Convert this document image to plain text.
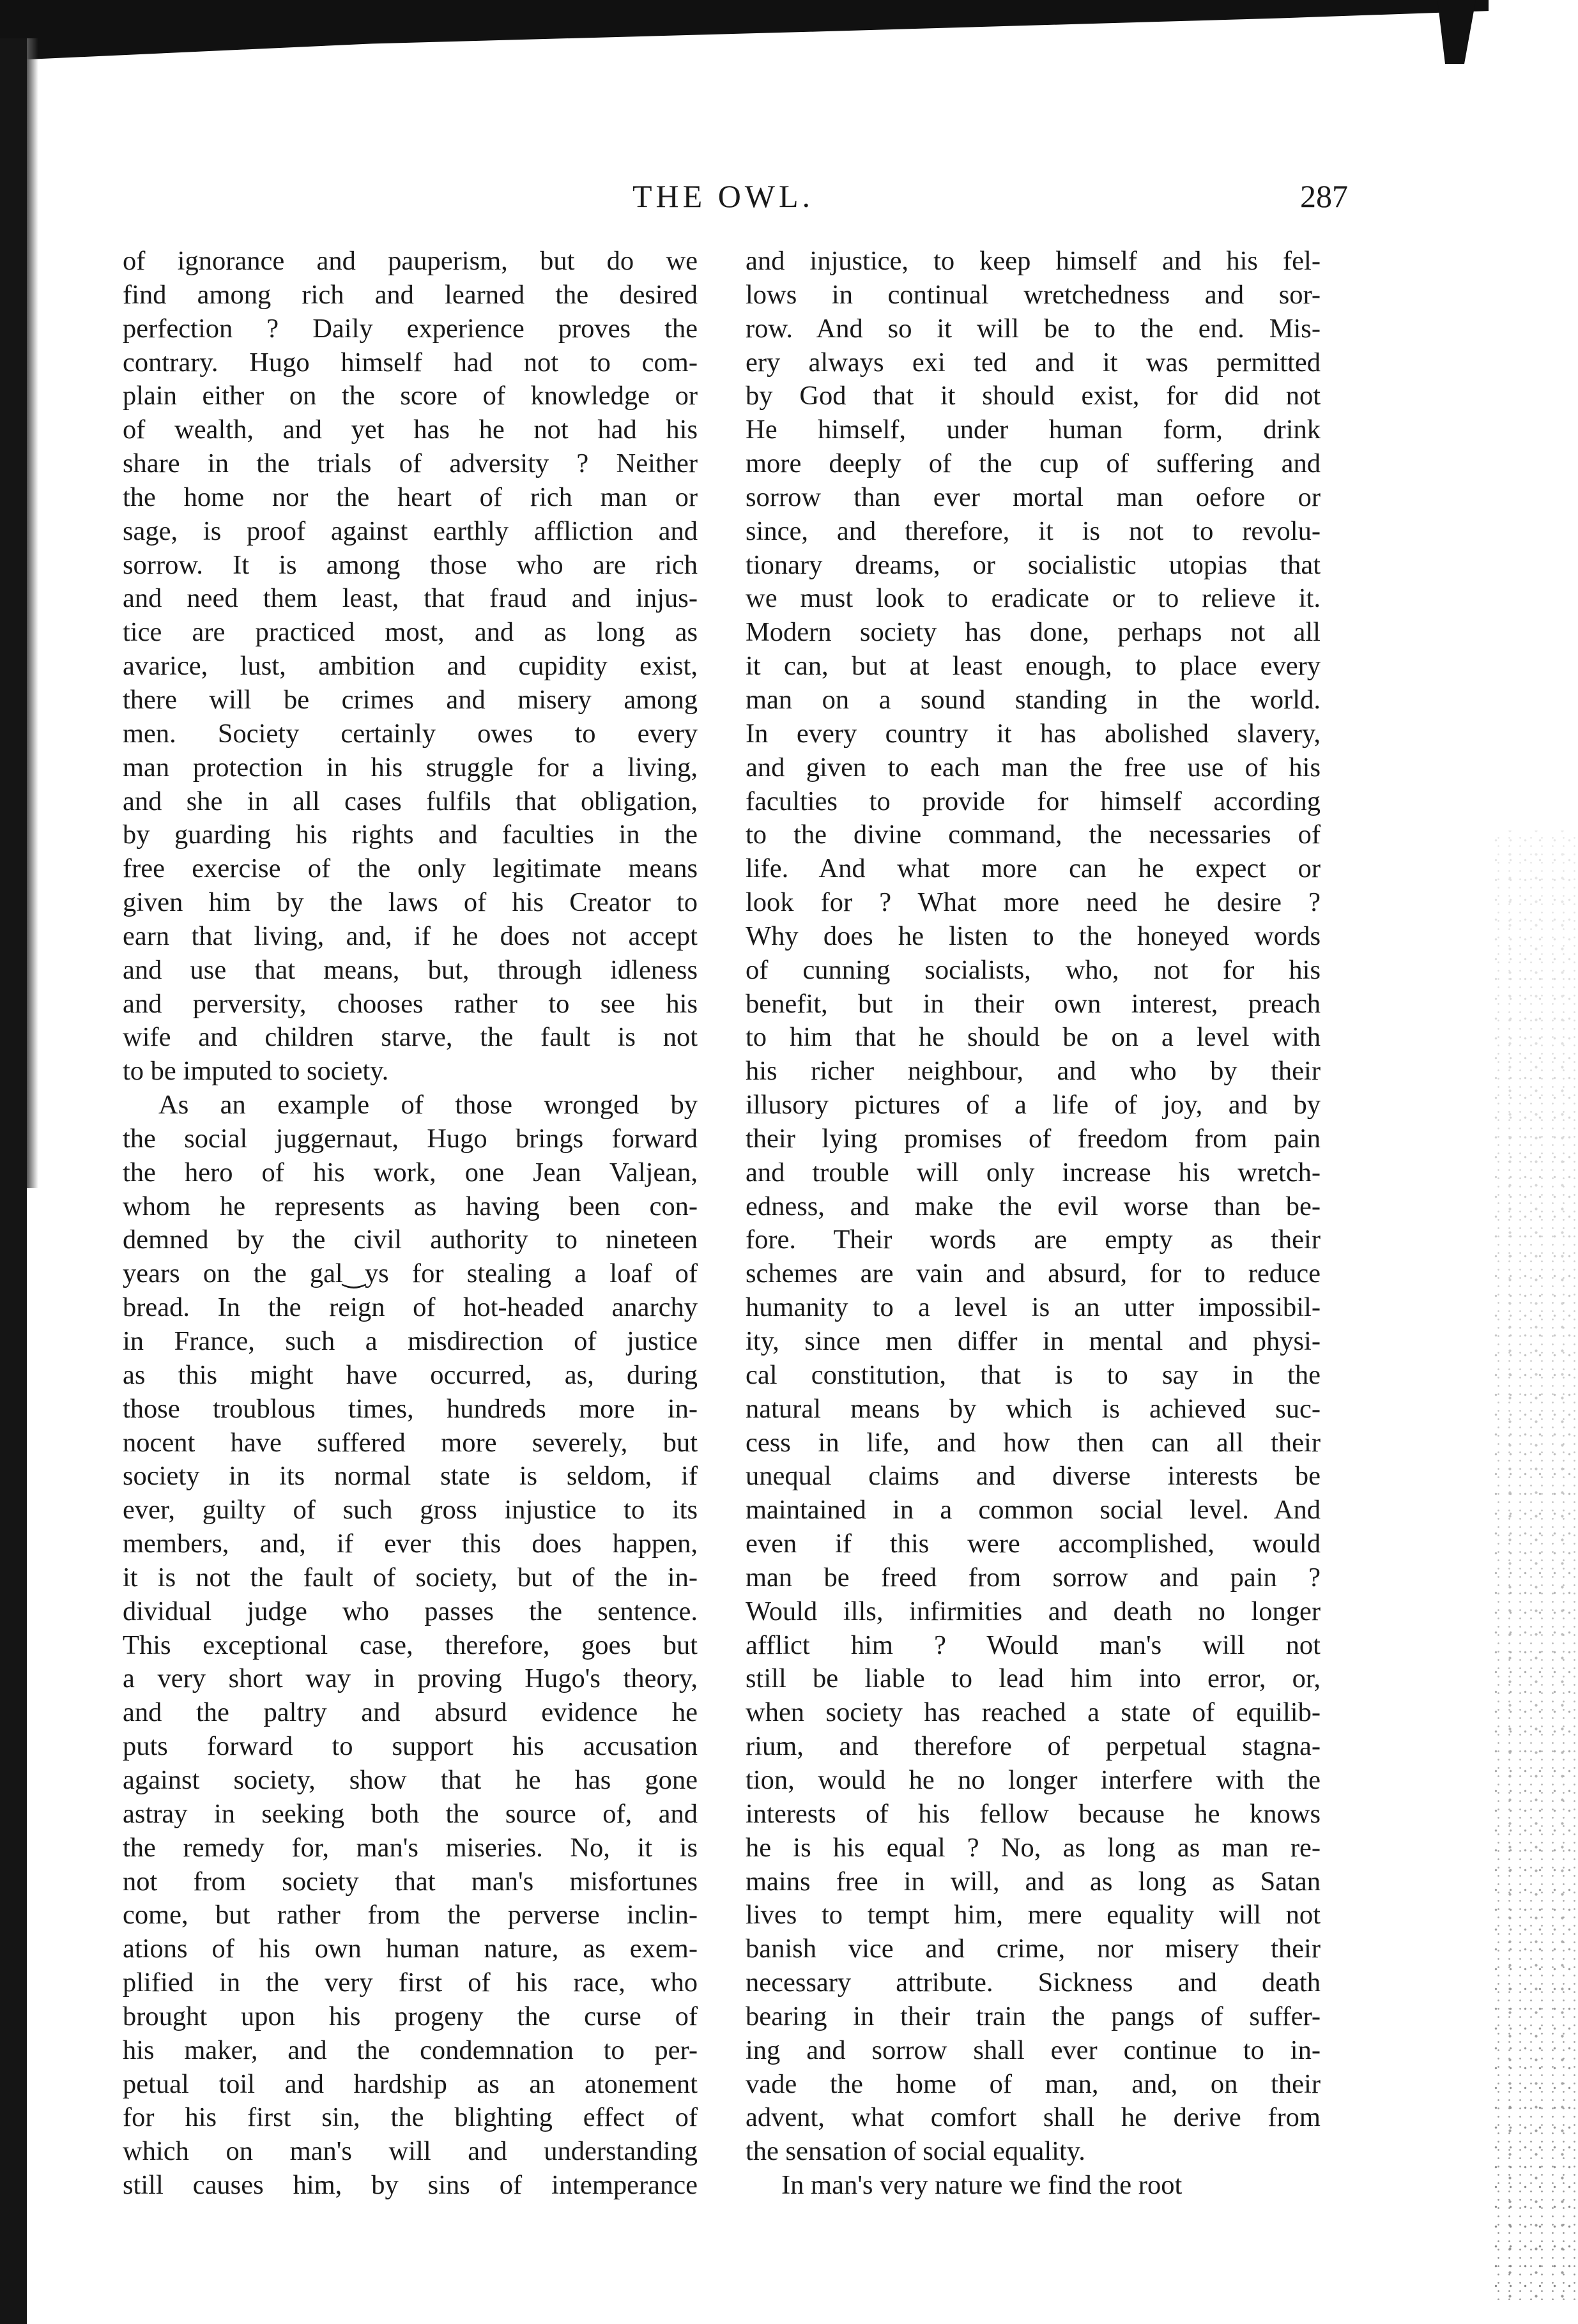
THE OWL.	287
of ignorance and pauperism, but do we
find among rich and learned the desired
perfection ? Daily experience proves the
contrary. Hugo himself had not to com-
plain either on the score of knowledge or
of wealth, and yet has he not had his
share in the trials of adversity ? Neither
the home nor the heart of rich man or
sage, is proof against earthly affliction and
sorrow. It is among those who are rich
and need them least, that fraud and injus-
tice are practiced most, and as long as
avarice, lust, ambition and cupidity exist,
there will be crimes and misery among
men. Society certainly owes to every
man protection in his struggle for a living,
and she in all cases fulfils that obligation,
by guarding his rights and faculties in the
free exercise of the only legitimate means
given him by the laws of his Creator to
earn that living, and, if he does not accept
and use that means, but, through idleness
and perversity, chooses rather to see his
wife and children starve, the fault is not
to be imputed to society.
As an example of those wronged by
the social juggernaut, Hugo brings forward
the hero of his work, one Jean Valjean,
whom he represents as having been con-
demned by the civil authority to nineteen
years on the gal‿ys for stealing a loaf of
bread. In the reign of hot-headed anarchy
in France, such a misdirection of justice
as this might have occurred, as, during
those troublous times, hundreds more in-
nocent have suffered more severely, but
society in its normal state is seldom, if
ever, guilty of such gross injustice to its
members, and, if ever this does happen,
it is not the fault of society, but of the in-
dividual judge who passes the sentence.
This exceptional case, therefore, goes but
a very short way in proving Hugo's theory,
and the paltry and absurd evidence he
puts forward to support his accusation
against society, show that he has gone
astray in seeking both the source of, and
the remedy for, man's miseries. No, it is
not from society that man's misfortunes
come, but rather from the perverse inclin-
ations of his own human nature, as exem-
plified in the very first of his race, who
brought upon his progeny the curse of
his maker, and the condemnation to per-
petual toil and hardship as an atonement
for his first sin, the blighting effect of
which on man's will and understanding
still causes him, by sins of intemperance
and injustice, to keep himself and his fel-
lows in continual wretchedness and sor-
row. And so it will be to the end. Mis-
ery always exi ted and it was permitted
by God that it should exist, for did not
He himself, under human form, drink
more deeply of the cup of suffering and
sorrow than ever mortal man oefore or
since, and therefore, it is not to revolu-
tionary dreams, or socialistic utopias that
we must look to eradicate or to relieve it.
Modern society has done, perhaps not all
it can, but at least enough, to place every
man on a sound standing in the world.
In every country it has abolished slavery,
and given to each man the free use of his
faculties to provide for himself according
to the divine command, the necessaries of
life. And what more can he expect or
look for ? What more need he desire ?
Why does he listen to the honeyed words
of cunning socialists, who, not for his
benefit, but in their own interest, preach
to him that he should be on a level with
his richer neighbour, and who by their
illusory pictures of a life of joy, and by
their lying promises of freedom from pain
and trouble will only increase his wretch-
edness, and make the evil worse than be-
fore. Their words are empty as their
schemes are vain and absurd, for to reduce
humanity to a level is an utter impossibil-
ity, since men differ in mental and physi-
cal constitution, that is to say in the
natural means by which is achieved suc-
cess in life, and how then can all their
unequal claims and diverse interests be
maintained in a common social level. And
even if this were accomplished, would
man be freed from sorrow and pain ?
Would ills, infirmities and death no longer
afflict him ? Would man's will not
still be liable to lead him into error, or,
when society has reached a state of equilib-
rium, and therefore of perpetual stagna-
tion, would he no longer interfere with the
interests of his fellow because he knows
he is his equal ? No, as long as man re-
mains free in will, and as long as Satan
lives to tempt him, mere equality will not
banish vice and crime, nor misery their
necessary attribute. Sickness and death
bearing in their train the pangs of suffer-
ing and sorrow shall ever continue to in-
vade the home of man, and, on their
advent, what comfort shall he derive from
the sensation of social equality.
In man's very nature we find the root
